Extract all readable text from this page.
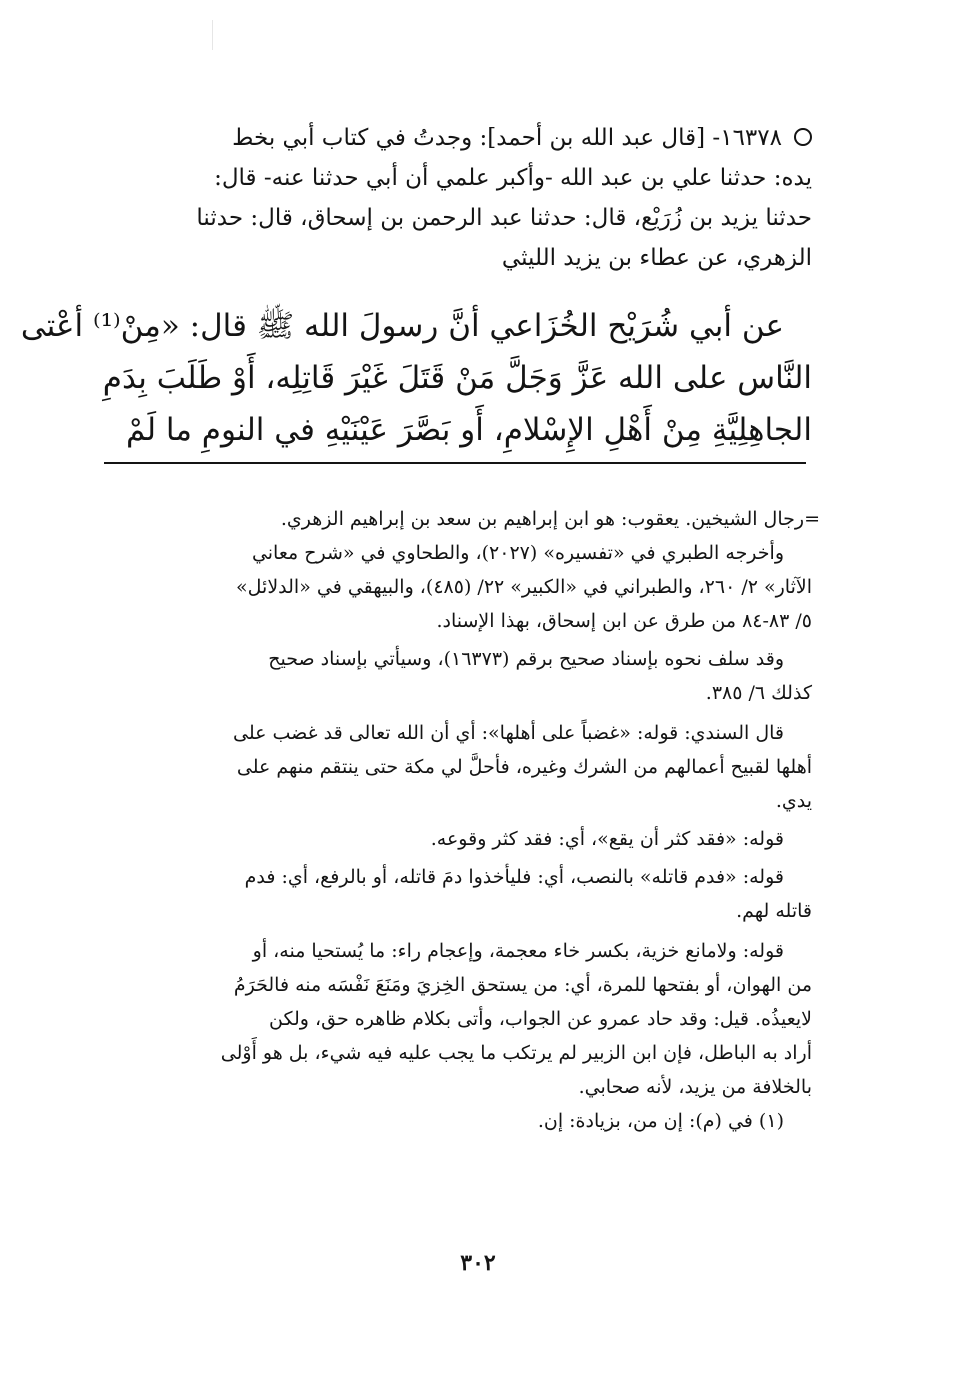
١٦٣٧٨- [قال عبد الله بن أحمد]: وجدتُ في كتاب أبي بخط
يده: حدثنا علي بن عبد الله -وأكبر علمي أن أبي حدثنا عنه- قال:
حدثنا يزيد بن زُرَيْع، قال: حدثنا عبد الرحمن بن إسحاق، قال: حدثنا
الزهري، عن عطاء بن يزيد الليثي
عن أبي شُرَيْح الخُزَاعي أنَّ رسولَ الله ﷺ قال: «مِنْ⁽¹⁾ أعْتى
النَّاس على الله عَزَّ وَجَلَّ مَنْ قَتَلَ غَيْرَ قَاتِلِه، أَوْ طَلَبَ بِدَمِ
الجاهِلِيَّةِ مِنْ أَهْلِ الإِسْلامِ، أَو بَصَّرَ عَيْنَيْهِ في النومِ ما لَمْ
=رجال الشيخين. يعقوب: هو ابن إبراهيم بن سعد بن إبراهيم الزهري.
وأخرجه الطبري في «تفسيره» (٢٠٢٧)، والطحاوي في «شرح معاني
الآثار» ٢/ ٢٦٠، والطبراني في «الكبير» ٢٢/ (٤٨٥)، والبيهقي في «الدلائل»
٥/ ٨٣-٨٤ من طرق عن ابن إسحاق، بهذا الإسناد.
وقد سلف نحوه بإسناد صحيح برقم (١٦٣٧٣)، وسيأتي بإسناد صحيح
كذلك ٦/ ٣٨٥.
قال السندي: قوله: «غضباً على أهلها»: أي أن الله تعالى قد غضب على
أهلها لقبيح أعمالهم من الشرك وغيره، فأحلَّ لي مكة حتى ينتقم منهم على
يدي.
قوله: «فقد كثر أن يقع»، أي: فقد كثر وقوعه.
قوله: «فدم قاتله» بالنصب، أي: فليأخذوا دمَ قاتله، أو بالرفع، أي: فدم
قاتله لهم.
قوله: ولامانع خزية، بكسر خاء معجمة، وإعجام راء: ما يُستحيا منه، أو
من الهوان، أو بفتحها للمرة، أي: من يستحق الخِزيَ ومَنَعَ نَفْسَه منه فالحَرَمُ
لايعيذُه. قيل: وقد حاد عمرو عن الجواب، وأتى بكلام ظاهره حق، ولكن
أراد به الباطل، فإن ابن الزبير لم يرتكب ما يجب عليه فيه شيء، بل هو أَوْلى
بالخلافة من يزيد، لأنه صحابي.
(١) في (م): إن من، بزيادة: إن.
٣٠٢
